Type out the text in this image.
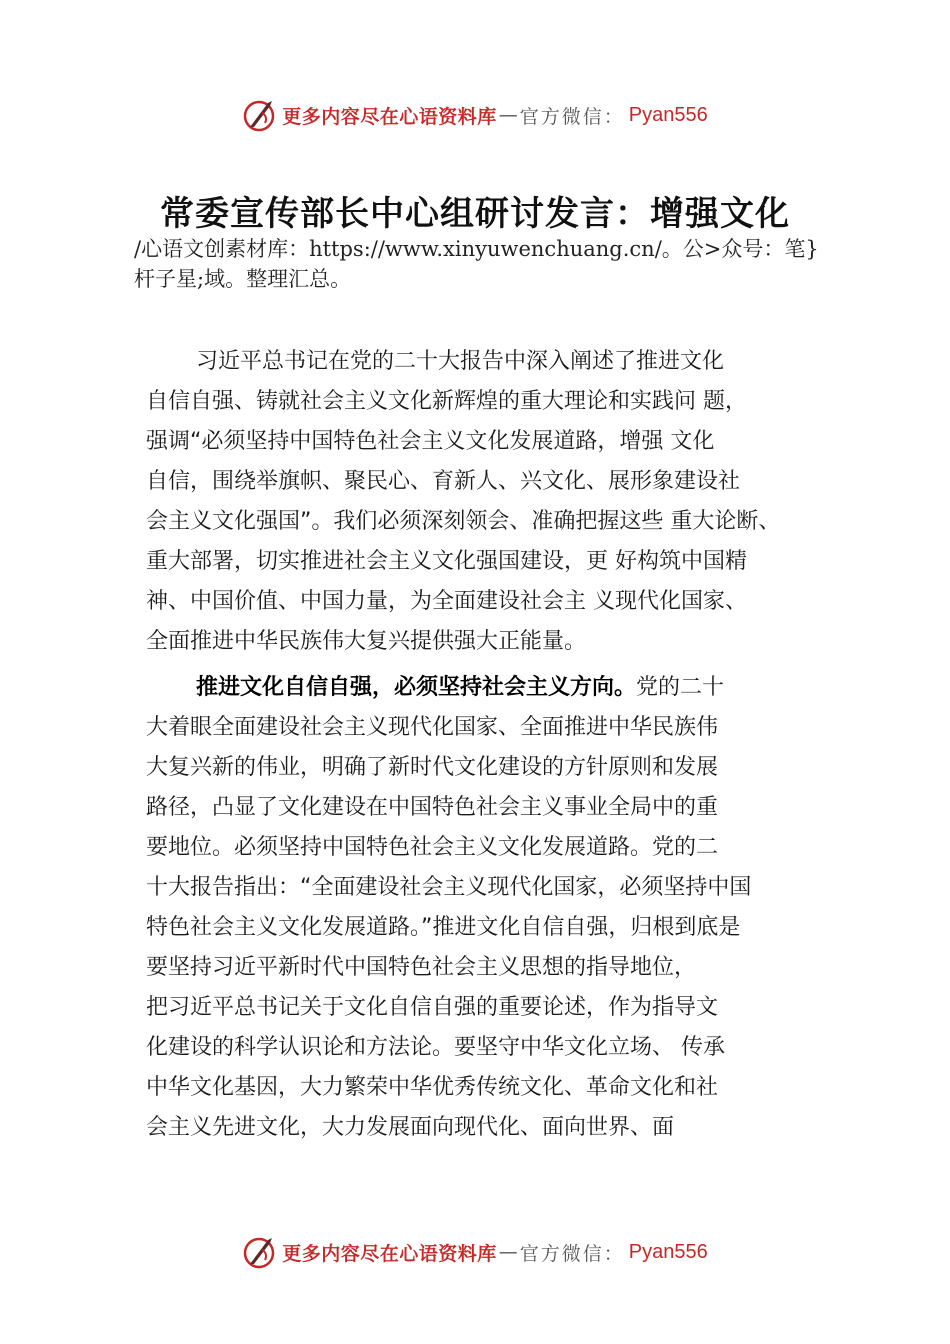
更多内容尽在心语资料库 — 官方微信： Pyan556
常委宣传部长中心组研讨发言：增强文化

/心语文创素材库：https://www.xinyuwenchuang.cn/。公>众号：笔}杆子星;域。整理汇总。

习近平总书记在党的二十大报告中深入阐述了推进文化
自信自强、铸就社会主义文化新辉煌的重大理论和实践问 题，
强调“必须坚持中国特色社会主义文化发展道路，增强 文化
自信，围绕举旗帜、聚民心、育新人、兴文化、展形象建设社
会主义文化强国”。我们必须深刻领会、准确把握这些 重大论断、
重大部署，切实推进社会主义文化强国建设，更 好构筑中国精
神、中国价值、中国力量，为全面建设社会主 义现代化国家、
全面推进中华民族伟大复兴提供强大正能量。
推进文化自信自强，必须坚持社会主义方向。党的二十
大着眼全面建设社会主义现代化国家、全面推进中华民族伟
大复兴新的伟业，明确了新时代文化建设的方针原则和发展
路径，凸显了文化建设在中国特色社会主义事业全局中的重
要地位。必须坚持中国特色社会主义文化发展道路。党的二
十大报告指出：“全面建设社会主义现代化国家，必须坚持中国
特色社会主义文化发展道路。”推进文化自信自强，归根到底是
要坚持习近平新时代中国特色社会主义思想的指导地位，
把习近平总书记关于文化自信自强的重要论述，作为指导文
化建设的科学认识论和方法论。要坚守中华文化立场、 传承
中华文化基因，大力繁荣中华优秀传统文化、革命文化和社
会主义先进文化，大力发展面向现代化、面向世界、面
更多内容尽在心语资料库 — 官方微信： Pyan556
